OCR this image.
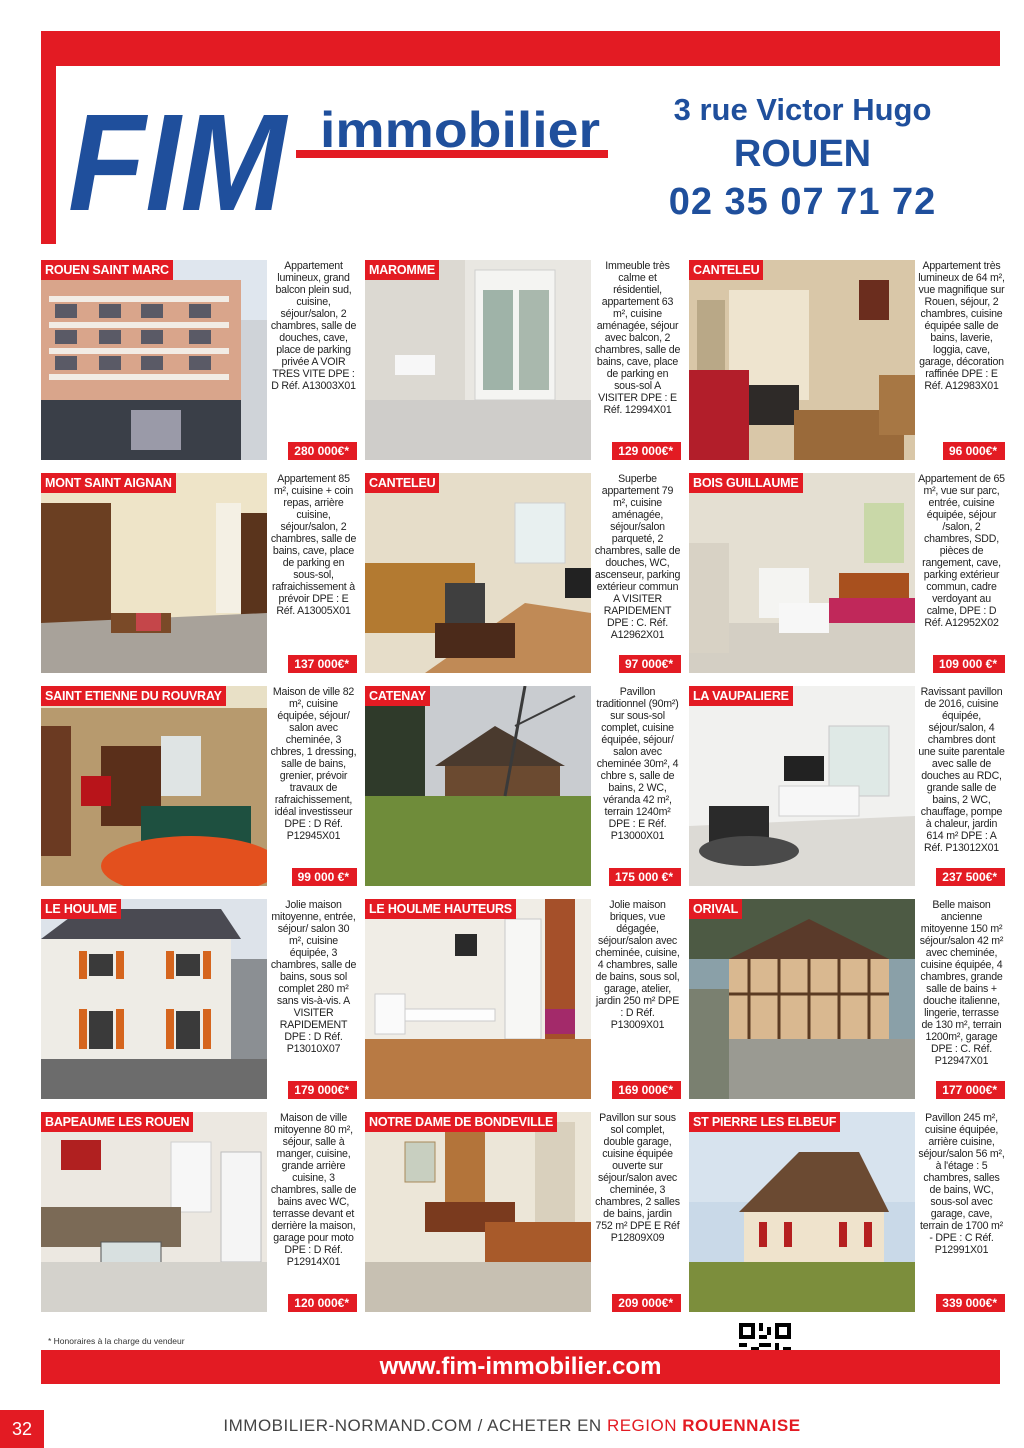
FIM immobilier	3 rue Victor Hugo
ROUEN
02 35 07 71 72
ROUEN SAINT MARC	Appartement lumineux, grand balcon plein sud, cuisine, séjour/salon, 2 chambres, salle de douches, cave, place de parking privée A VOIR TRES VITE DPE : D Réf. A13003X01
280 000€*
MAROMME	Immeuble très calme et résidentiel, appartement 63 m², cuisine aménagée, séjour avec balcon, 2 chambres, salle de bains, cave, place de parking en sous-sol A VISITER DPE : E Réf. 12994X01
129 000€*
CANTELEU	Appartement très lumineux de 64 m², vue magnifique sur Rouen, séjour, 2 chambres, cuisine équipée salle de bains, laverie, loggia, cave, garage, décoration raffinée DPE : E Réf. A12983X01
96 000€*
MONT SAINT AIGNAN	Appartement 85 m², cuisine + coin repas, arrière cuisine, séjour/salon, 2 chambres, salle de bains, cave, place de parking en sous-sol, rafraichissement à prévoir DPE : E Réf. A13005X01
137 000€*
CANTELEU	Superbe appartement 79 m², cuisine aménagée, séjour/salon parqueté, 2 chambres, salle de douches, WC, ascenseur, parking extérieur commun A VISITER RAPIDEMENT DPE : C. Réf. A12962X01
97 000€*
BOIS GUILLAUME	Appartement de 65 m², vue sur parc, entrée, cuisine équipée, séjour /salon, 2 chambres, SDD, pièces de rangement, cave, parking extérieur commun, cadre verdoyant au calme, DPE : D Réf. A12952X02
109 000 €*
SAINT ETIENNE DU ROUVRAY	Maison de ville 82 m², cuisine équipée, séjour/ salon avec cheminée, 3 chbres, 1 dressing, salle de bains, grenier, prévoir travaux de rafraichissement, idéal investisseur DPE : D Réf. P12945X01
99 000 €*
CATENAY	Pavillon traditionnel (90m²) sur sous-sol complet, cuisine équipée, séjour/ salon avec cheminée 30m², 4 chbre s, salle de bains, 2 WC, véranda 42 m², terrain 1240m² DPE : E Réf. P13000X01
175 000 €*
LA VAUPALIERE	Ravissant pavillon de 2016, cuisine équipée, séjour/salon, 4 chambres dont une suite parentale avec salle de douches au RDC, grande salle de bains, 2 WC, chauffage, pompe à chaleur, jardin 614 m² DPE : A Réf. P13012X01
237 500€*
LE HOULME	Jolie maison mitoyenne, entrée, séjour/ salon 30 m², cuisine équipée, 3 chambres, salle de bains, sous sol complet 280 m² sans vis-à-vis. A VISITER RAPIDEMENT DPE : D Réf. P13010X07
179 000€*
LE HOULME HAUTEURS	Jolie maison briques, vue dégagée, séjour/salon avec cheminée, cuisine, 4 chambres, salle de bains, sous sol, garage, atelier, jardin 250 m² DPE : D Réf. P13009X01
169 000€*
ORIVAL	Belle maison ancienne mitoyenne 150 m² séjour/salon 42 m² avec cheminée, cuisine équipée, 4 chambres, grande salle de bains + douche italienne, lingerie, terrasse de 130 m², terrain 1200m², garage DPE : C. Réf. P12947X01
177 000€*
BAPEAUME LES ROUEN	Maison de ville mitoyenne 80 m², séjour, salle à manger, cuisine, grande arrière cuisine, 3 chambres, salle de bains avec WC, terrasse devant et derrière la maison, garage pour moto DPE : D Réf. P12914X01
120 000€*
NOTRE DAME DE BONDEVILLE	Pavillon sur sous sol complet, double garage, cuisine équipée ouverte sur séjour/salon avec cheminée, 3 chambres, 2 salles de bains, jardin 752 m² DPE E Réf P12809X09
209 000€*
ST PIERRE LES ELBEUF	Pavillon 245 m², cuisine équipée, arrière cuisine, séjour/salon 56 m², à l'étage : 5 chambres, salles de bains, WC, sous-sol avec garage, cave, terrain de 1700 m² - DPE : C Réf. P12991X01
339 000€*
* Honoraires à la charge du vendeur
www.fim-immobilier.com
32	IMMOBILIER-NORMAND.COM / ACHETER EN REGION ROUENNAISE
